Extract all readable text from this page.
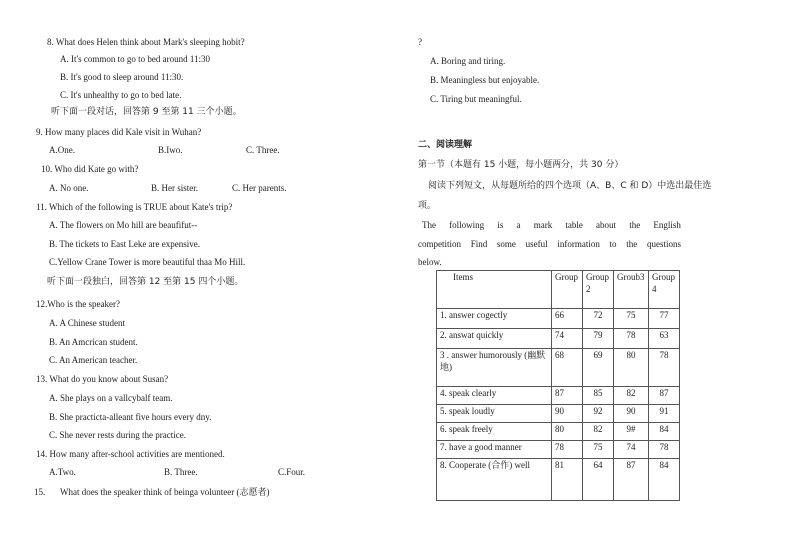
8. What does Helen think about Mark's sleeping hobit?
A. It's common to go to bed around 11:30
B. It's good to sleep around 11:30.
C. It's unhealthy to go to bed late.
听下面一段对话，回答第 9 至第 11 三个小题。
9. How many places did Kale visit in Wuhan?
A.One.	B.Iwo.	C. Three.
10. Who did Kate go with?
A. No one.	B. Her sister.	C. Her parents.
11. Which of the following is TRUE about Kate's trip?
A. The flowers on Mo hill are beaufifut--
B. The tickets to East Leke are expensive.
C.Yellow Crane Tower is more beautiful thaa Mo Hill.
听下面一段独白，回答第 12 至第 15 四个小题。
12.Who is the speaker?
A. A Chinese student
B. An Amcrican student.
C. An American teacher.
13. What do you know about Susan?
A. She plays on a vallcybalf team.
B. She practicta-alleant five hours every dny.
C. She never rests during the practice.
14. How many after-school activities are mentioned.
A.Two.	B. Three.	C.Four.
15. What does the speaker think of beinga volunteer (志愿者)
?
A. Boring and tiring.
B. Meaningless but enjoyable.
C. Tiring but meaningful.
二、阅读理解
第一节（本题有 15 小题，每小题两分，共 30 分）
阅读下列短文，从每题所给的四个选项（A、B、C 和 D）中选出最佳选
项。
The following is a mark table about the English
competition Find some useful information to the questions
below.
Items	Group	Group 2	Groub3	Group 4
1. answer cogectly	66	72	75	77
2. answat quickly	74	79	78	63
3 . answer humorously (幽默地)	68	69	80	78
4. speak clearly	87	85	82	87
5. speak loudly	90	92	90	91
6. speak freely	80	82	9#	84
7. have a good manner	78	75	74	78
8. Cooperate (合作) well	81	64	87	84
